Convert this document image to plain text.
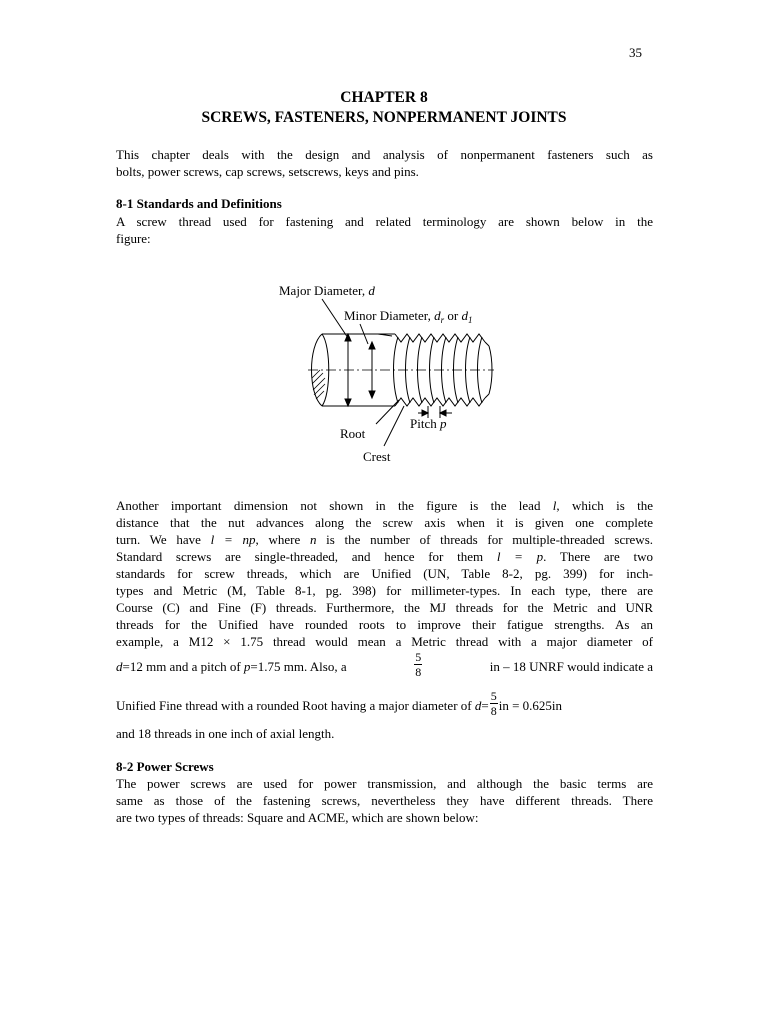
35
CHAPTER 8
SCREWS, FASTENERS, NONPERMANENT JOINTS
This chapter deals with the design and analysis of nonpermanent fasteners such as
bolts, power screws, cap screws, setscrews, keys and pins.
8-1 Standards and Definitions
A screw thread used for fastening and related terminology are shown below in the
figure:
Major Diameter, d
Minor Diameter, $d_r$ or $d_1$
Pitch p
Root
Crest
Another important dimension not shown in the figure is the lead l, which is the
distance that the nut advances along the screw axis when it is given one complete
turn. We have l = np, where n is the number of threads for multiple-threaded screws.
Standard screws are single-threaded, and hence for them l = p. There are two
standards for screw threads, which are Unified (UN, Table 8-2, pg. 399) for inch-
types and Metric (M, Table 8-1, pg. 398) for millimeter-types. In each type, there are
Course (C) and Fine (F) threads. Furthermore, the MJ threads for the Metric and UNR
threads for the Unified have rounded roots to improve their fatigue strengths. As an
example, a M12 × 1.75 thread would mean a Metric thread with a major diameter of
d=12 mm and a pitch of p=1.75 mm. Also, a	$\frac{5}{8}$	in – 18 UNRF would indicate a
Unified Fine thread with a rounded Root having a major diameter of $d= \frac{5}{8}$ in = 0.625in
and 18 threads in one inch of axial length.
8-2 Power Screws
The power screws are used for power transmission, and although the basic terms are
same as those of the fastening screws, nevertheless they have different threads. There
are two types of threads: Square and ACME, which are shown below:
